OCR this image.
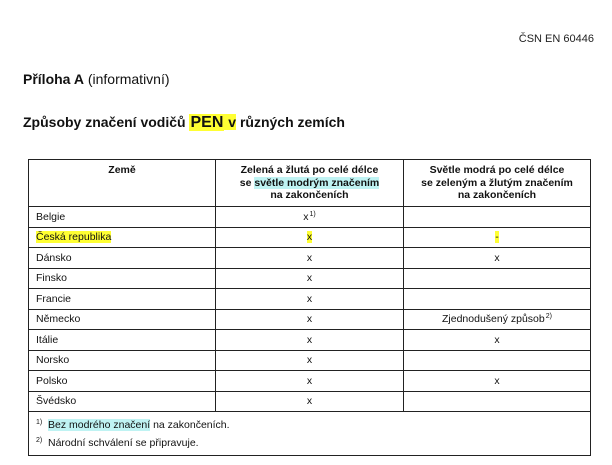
ČSN EN 60446
Příloha A (informativní)
Způsoby značení vodičů PEN v různých zemích
Země	Zelená a žlutá po celé délce
se světle modrým značením
na zakončeních	Světle modrá po celé délce
se zeleným a žlutým značením
na zakončeních
Belgie	$x^{1)}$	
Česká republika	x	-
Dánsko	x	x
Finsko	x	
Francie	x	
Německo	x	Zjednodušený způsob$^{2)}$
Itálie	x	x
Norsko	x	
Polsko	x	x
Švédsko	x	

1) Bez modrého značení na zakončeních.
2) Národní schválení se připravuje.		
